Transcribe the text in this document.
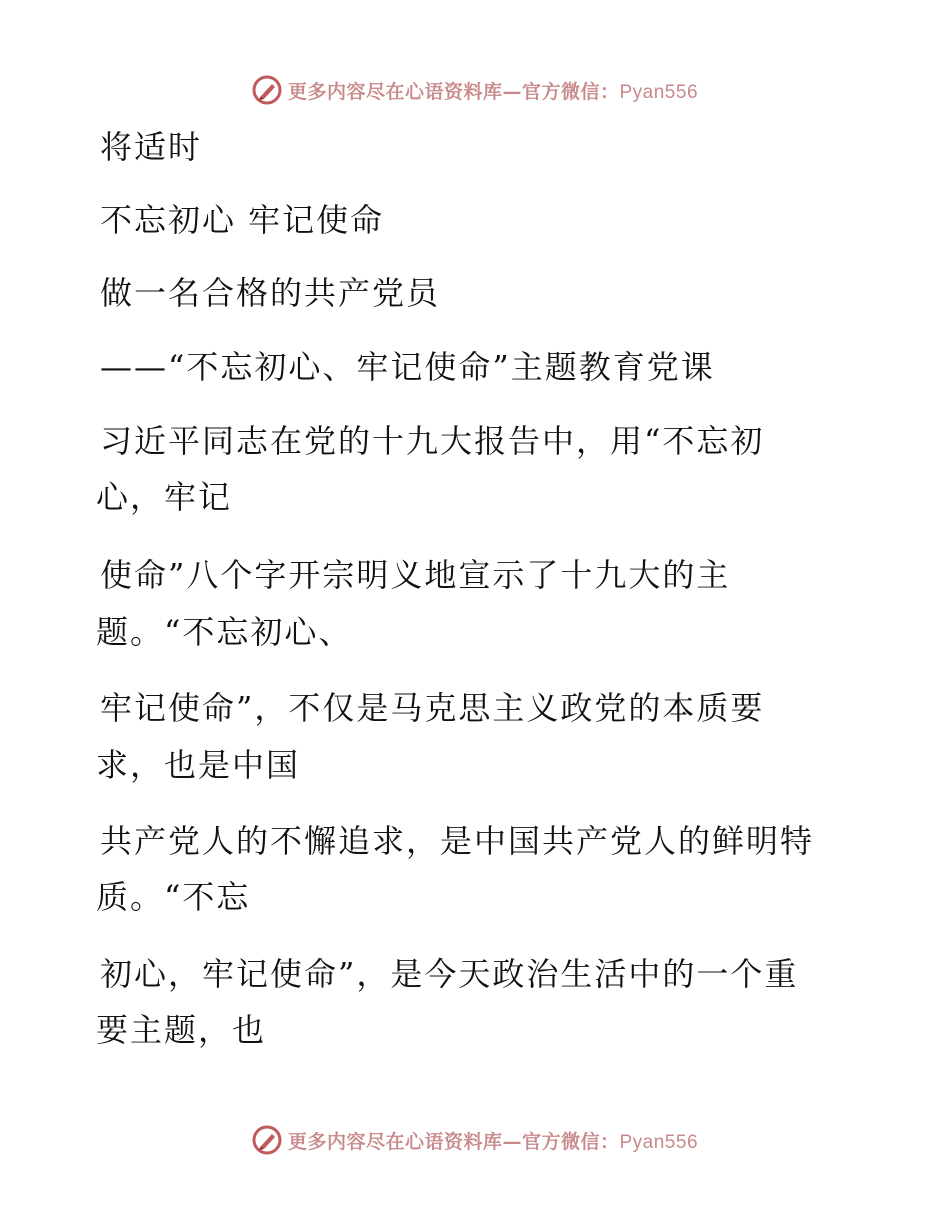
更多内容尽在心语资料库—官方微信：Pyan556
将适时
不忘初心 牢记使命
做一名合格的共产党员
——“不忘初心、牢记使命”主题教育党课
习近平同志在党的十九大报告中，用“不忘初
心，牢记
使命”八个字开宗明义地宣示了十九大的主
题。“不忘初心、
牢记使命”，不仅是马克思主义政党的本质要
求，也是中国
共产党人的不懈追求，是中国共产党人的鲜明特
质。“不忘
初心，牢记使命”，是今天政治生活中的一个重
要主题，也
更多内容尽在心语资料库—官方微信：Pyan556
